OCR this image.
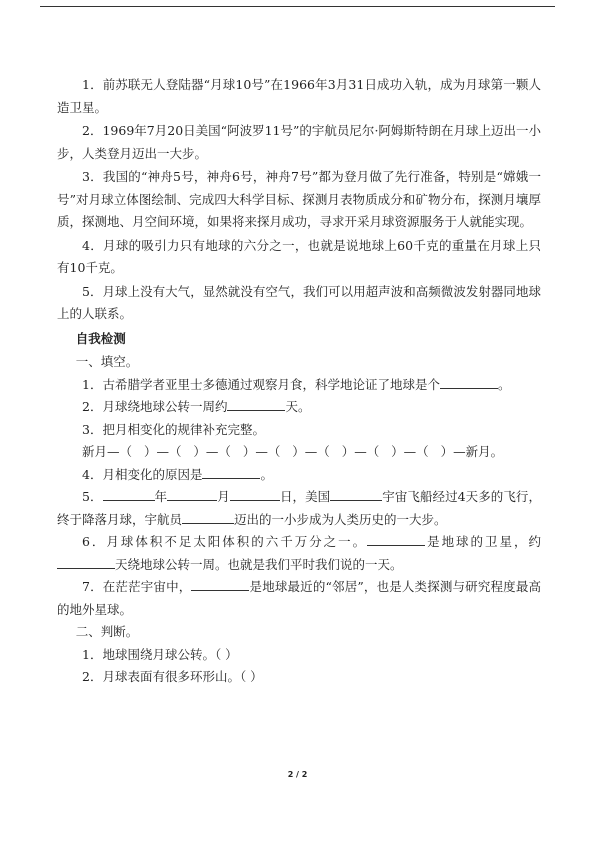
1．前苏联无人登陆器“月球10号”在1966年3月31日成功入轨，成为月球第一颗人造卫星。

2．1969年7月20日美国“阿波罗11号”的宇航员尼尔·阿姆斯特朗在月球上迈出一小步，人类登月迈出一大步。

3．我国的“神舟5号，神舟6号，神舟7号”都为登月做了先行准备，特别是“嫦娥一号”对月球立体图绘制、完成四大科学目标、探测月表物质成分和矿物分布，探测月壤厚质，探测地、月空间环境，如果将来探月成功，寻求开采月球资源服务于人就能实现。

4．月球的吸引力只有地球的六分之一，也就是说地球上60千克的重量在月球上只有10千克。

5．月球上没有大气，显然就没有空气，我们可以用超声波和高频微波发射器同地球上的人联系。

自我检测

一、填空。

1．古希腊学者亚里士多德通过观察月食，科学地论证了地球是个	。

2．月球绕地球公转一周约	天。

3．把月相变化的规律补充完整。

新月—（ ）—（ ）—（ ）—（ ）—（ ）—（ ）—（ ）—新月。

4．月相变化的原因是	。

5．	年	月	日，美国	宇宙飞船经过4天多的飞行，终于降落月球，宇航员	迈出的一小步成为人类历史的一大步。

6．月球体积不足太阳体积的六千万分之一。	是地球的卫星，约天绕地球公转一周。也就是我们平时我们说的一天。

7．在茫茫宇宙中，	是地球最近的“邻居”，也是人类探测与研究程度最高的地外星球。

二、判断。

1．地球围绕月球公转。（ ）

2．月球表面有很多环形山。（ ）

2 / 2
